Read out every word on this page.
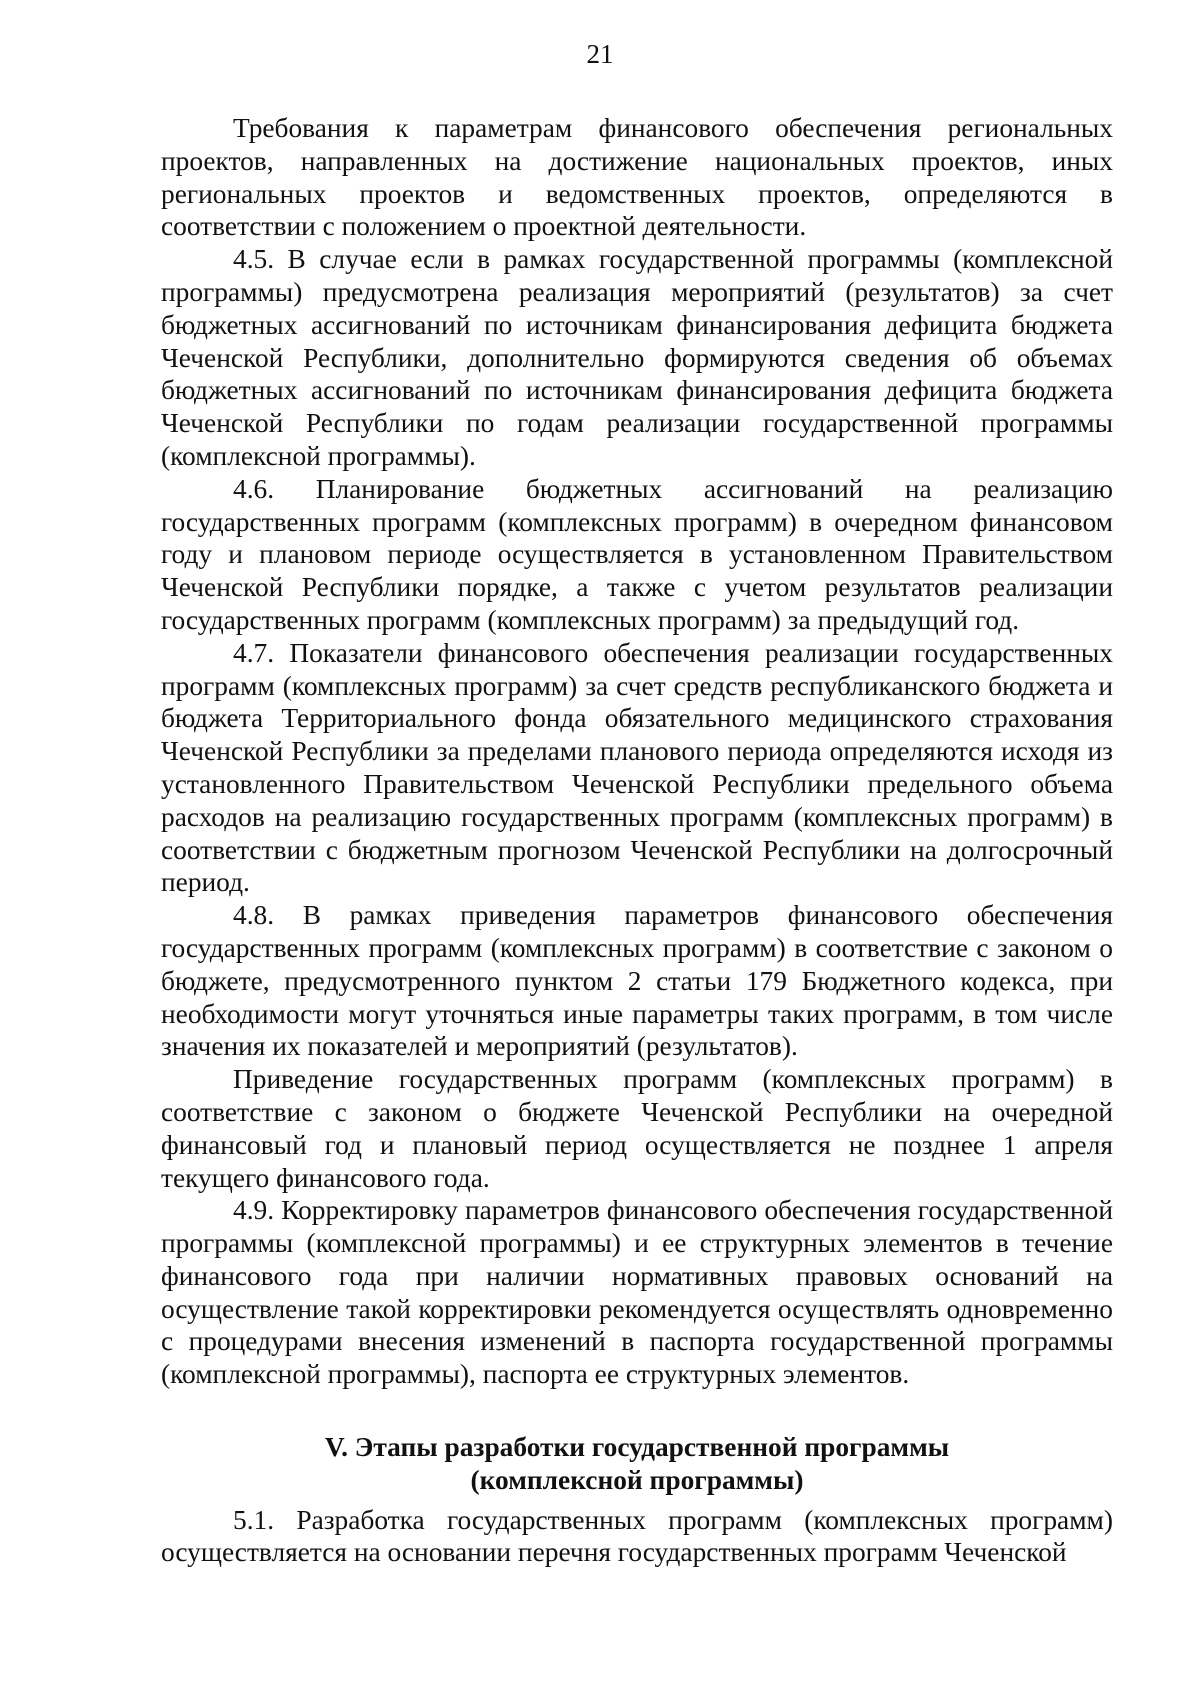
21

Требования к параметрам финансового обеспечения региональных проектов, направленных на достижение национальных проектов, иных региональных проектов и ведомственных проектов, определяются в соответствии с положением о проектной деятельности.

4.5. В случае если в рамках государственной программы (комплексной программы) предусмотрена реализация мероприятий (результатов) за счет бюджетных ассигнований по источникам финансирования дефицита бюджета Чеченской Республики, дополнительно формируются сведения об объемах бюджетных ассигнований по источникам финансирования дефицита бюджета Чеченской Республики по годам реализации государственной программы (комплексной программы).

4.6. Планирование бюджетных ассигнований на реализацию государственных программ (комплексных программ) в очередном финансовом году и плановом периоде осуществляется в установленном Правительством Чеченской Республики порядке, а также с учетом результатов реализации государственных программ (комплексных программ) за предыдущий год.

4.7. Показатели финансового обеспечения реализации государственных программ (комплексных программ) за счет средств республиканского бюджета и бюджета Территориального фонда обязательного медицинского страхования Чеченской Республики за пределами планового периода определяются исходя из установленного Правительством Чеченской Республики предельного объема расходов на реализацию государственных программ (комплексных программ) в соответствии с бюджетным прогнозом Чеченской Республики на долгосрочный период.

4.8. В рамках приведения параметров финансового обеспечения государственных программ (комплексных программ) в соответствие с законом о бюджете, предусмотренного пунктом 2 статьи 179 Бюджетного кодекса, при необходимости могут уточняться иные параметры таких программ, в том числе значения их показателей и мероприятий (результатов).

Приведение государственных программ (комплексных программ) в соответствие с законом о бюджете Чеченской Республики на очередной финансовый год и плановый период осуществляется не позднее 1 апреля текущего финансового года.

4.9. Корректировку параметров финансового обеспечения государственной программы (комплексной программы) и ее структурных элементов в течение финансового года при наличии нормативных правовых оснований на осуществление такой корректировки рекомендуется осуществлять одновременно с процедурами внесения изменений в паспорта государственной программы (комплексной программы), паспорта ее структурных элементов.

V. Этапы разработки государственной программы
(комплексной программы)

5.1. Разработка государственных программ (комплексных программ) осуществляется на основании перечня государственных программ Чеченской
